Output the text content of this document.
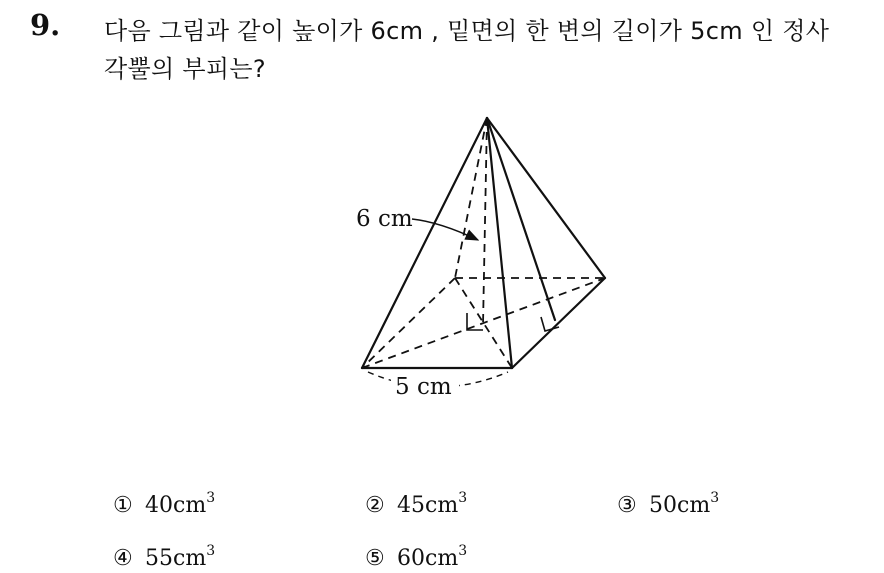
9. 다음 그림과 같이 높이가 6cm , 밑면의 한 변의 길이가 5cm 인 정사
각뿔의 부피는?
6 cm
5 cm
① $40cm^3$	② $45cm^3$	③ $50cm^3$
④ $55cm^3$	⑤ $60cm^3$
